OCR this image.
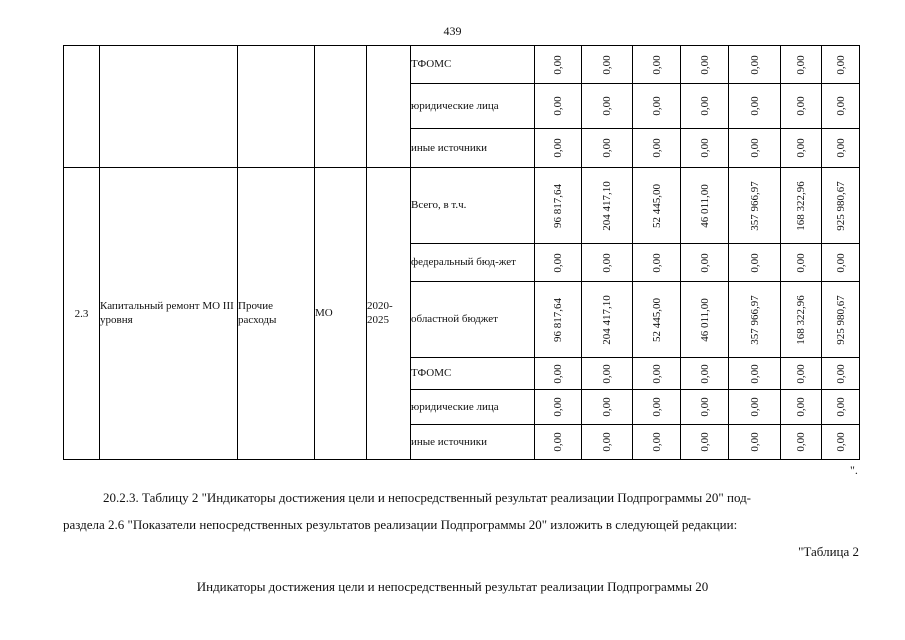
439
					ТФОМС	0,00	0,00	0,00	0,00	0,00	0,00	0,00

					юридические лица	0,00	0,00	0,00	0,00	0,00	0,00	0,00

					иные источники	0,00	0,00	0,00	0,00	0,00	0,00	0,00

2.3	Капитальный ремонт МО III уровня	Прочие расходы	МО	2020-2025	Всего, в т.ч.	96 817,64	204 417,10	52 445,00	46 011,00	357 966,97	168 322,96	925 980,67

					федеральный бюд-жет	0,00	0,00	0,00	0,00	0,00	0,00	0,00

					областной бюджет	96 817,64	204 417,10	52 445,00	46 011,00	357 966,97	168 322,96	925 980,67

					ТФОМС	0,00	0,00	0,00	0,00	0,00	0,00	0,00

					юридические лица	0,00	0,00	0,00	0,00	0,00	0,00	0,00

					иные источники	0,00	0,00	0,00	0,00	0,00	0,00	0,00
".
20.2.3. Таблицу 2 "Индикаторы достижения цели и непосредственный результат реализации Подпрограммы 20" под-
раздела 2.6 "Показатели непосредственных результатов реализации Подпрограммы 20" изложить в следующей редакции:
"Таблица 2
Индикаторы достижения цели и непосредственный результат реализации Подпрограммы 20
